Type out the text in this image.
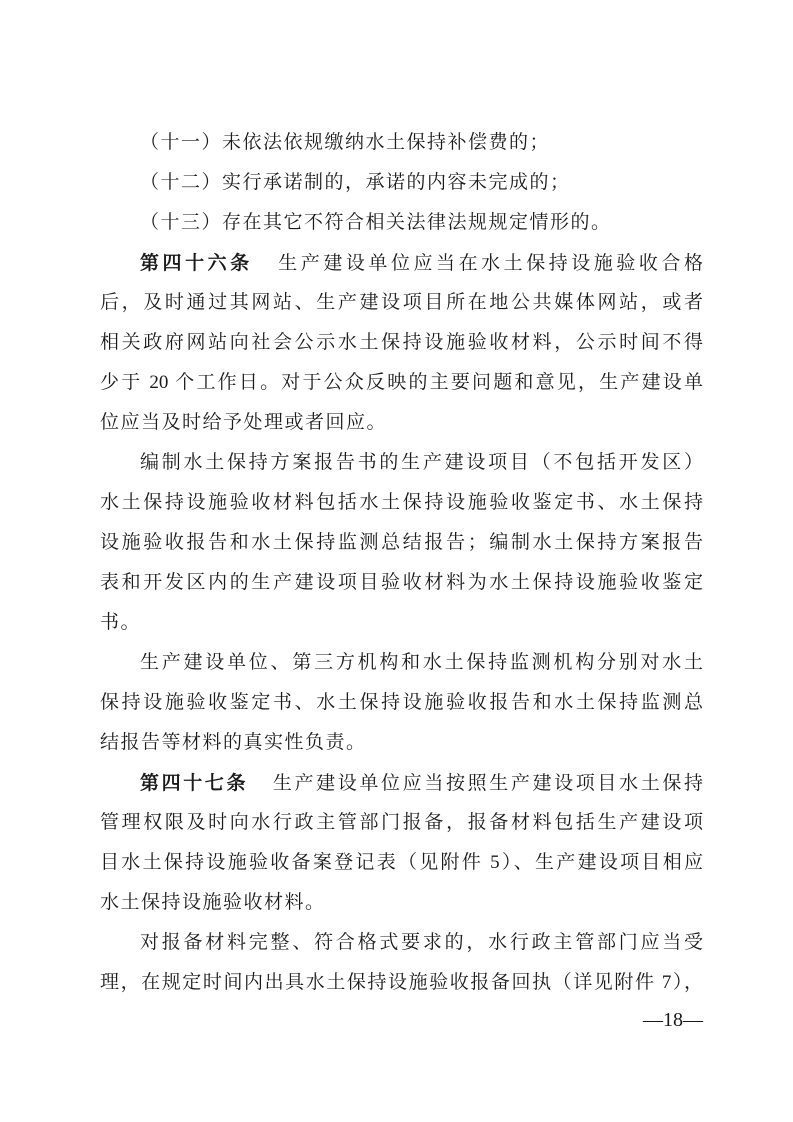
（十一）未依法依规缴纳水土保持补偿费的；
（十二）实行承诺制的，承诺的内容未完成的；
（十三）存在其它不符合相关法律法规规定情形的。
第四十六条 生产建设单位应当在水土保持设施验收合格
后，及时通过其网站、生产建设项目所在地公共媒体网站，或者
相关政府网站向社会公示水土保持设施验收材料，公示时间不得
少于 20 个工作日。对于公众反映的主要问题和意见，生产建设单
位应当及时给予处理或者回应。
编制水土保持方案报告书的生产建设项目（不包括开发区）
水土保持设施验收材料包括水土保持设施验收鉴定书、水土保持
设施验收报告和水土保持监测总结报告；编制水土保持方案报告
表和开发区内的生产建设项目验收材料为水土保持设施验收鉴定
书。
生产建设单位、第三方机构和水土保持监测机构分别对水土
保持设施验收鉴定书、水土保持设施验收报告和水土保持监测总
结报告等材料的真实性负责。
第四十七条 生产建设单位应当按照生产建设项目水土保持
管理权限及时向水行政主管部门报备，报备材料包括生产建设项
目水土保持设施验收备案登记表（见附件 5）、生产建设项目相应
水土保持设施验收材料。
对报备材料完整、符合格式要求的，水行政主管部门应当受
理，在规定时间内出具水土保持设施验收报备回执（详见附件 7），
—18—
